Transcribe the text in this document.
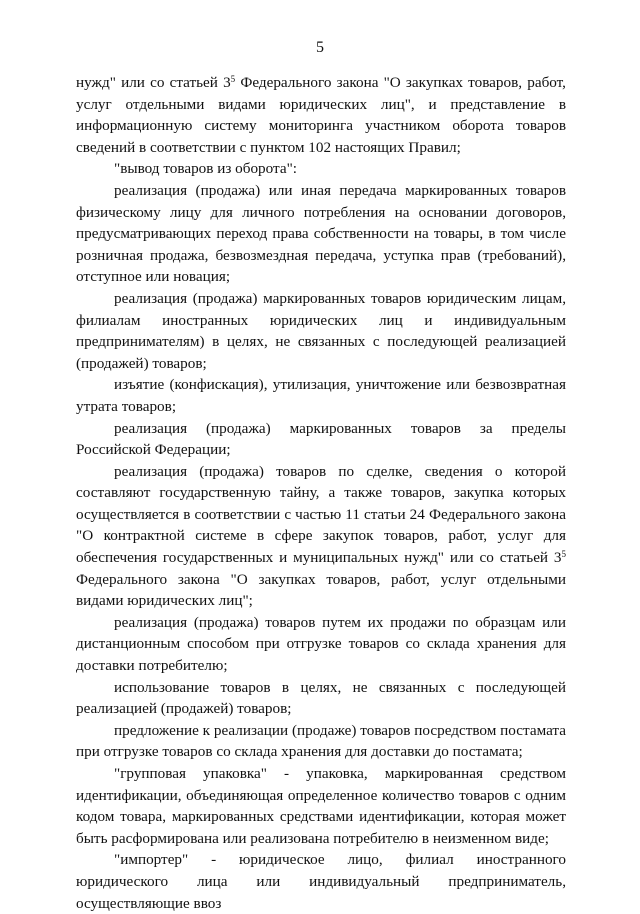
5

нужд" или со статьей $3^5$ Федерального закона "О закупках товаров, работ, услуг отдельными видами юридических лиц", и представление в информационную систему мониторинга участником оборота товаров сведений в соответствии с пунктом 102 настоящих Правил;

"вывод товаров из оборота":

реализация (продажа) или иная передача маркированных товаров физическому лицу для личного потребления на основании договоров, предусматривающих переход права собственности на товары, в том числе розничная продажа, безвозмездная передача, уступка прав (требований), отступное или новация;

реализация (продажа) маркированных товаров юридическим лицам, филиалам иностранных юридических лиц и индивидуальным предпринимателям) в целях, не связанных с последующей реализацией (продажей) товаров;

изъятие (конфискация), утилизация, уничтожение или безвозвратная утрата товаров;

реализация (продажа) маркированных товаров за пределы Российской Федерации;

реализация (продажа) товаров по сделке, сведения о которой составляют государственную тайну, а также товаров, закупка которых осуществляется в соответствии с частью 11 статьи 24 Федерального закона "О контрактной системе в сфере закупок товаров, работ, услуг для обеспечения государственных и муниципальных нужд" или со статьей $3^5$ Федерального закона "О закупках товаров, работ, услуг отдельными видами юридических лиц";

реализация (продажа) товаров путем их продажи по образцам или дистанционным способом при отгрузке товаров со склада хранения для доставки потребителю;

использование товаров в целях, не связанных с последующей реализацией (продажей) товаров;

предложение к реализации (продаже) товаров посредством постамата при отгрузке товаров со склада хранения для доставки до постамата;

"групповая упаковка" - упаковка, маркированная средством идентификации, объединяющая определенное количество товаров с одним кодом товара, маркированных средствами идентификации, которая может быть расформирована или реализована потребителю в неизменном виде;

"импортер" - юридическое лицо, филиал иностранного юридического лица или индивидуальный предприниматель, осуществляющие ввоз
